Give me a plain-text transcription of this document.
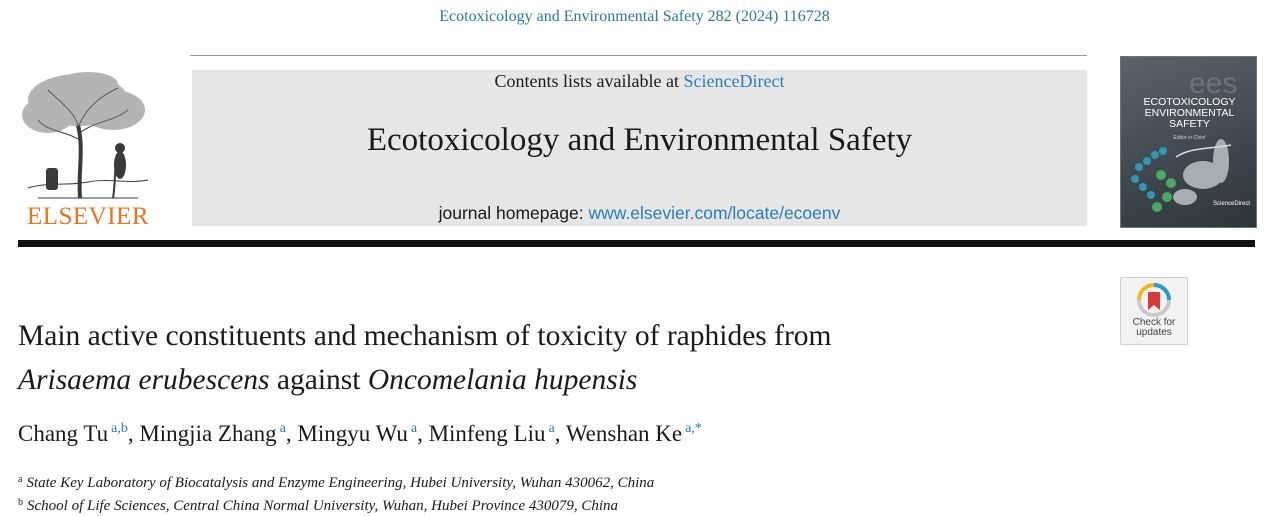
Ecotoxicology and Environmental Safety 282 (2024) 116728
ELSEVIER
Contents lists available at ScienceDirect
Ecotoxicology and Environmental Safety
journal homepage: www.elsevier.com/locate/ecoenv
ees
ECOTOXICOLOGY
ENVIRONMENTAL
SAFETY
Editor-in-Chief
ScienceDirect
Check for
updates
Main active constituents and mechanism of toxicity of raphides from
Arisaema erubescens against Oncomelania hupensis
Chang Tu $^{a,b}$, Mingjia Zhang $^a$, Mingyu Wu $^a$, Minfeng Liu $^a$, Wenshan Ke $^{a,*}$
$^a$ State Key Laboratory of Biocatalysis and Enzyme Engineering, Hubei University, Wuhan 430062, China
$^b$ School of Life Sciences, Central China Normal University, Wuhan, Hubei Province 430079, China
